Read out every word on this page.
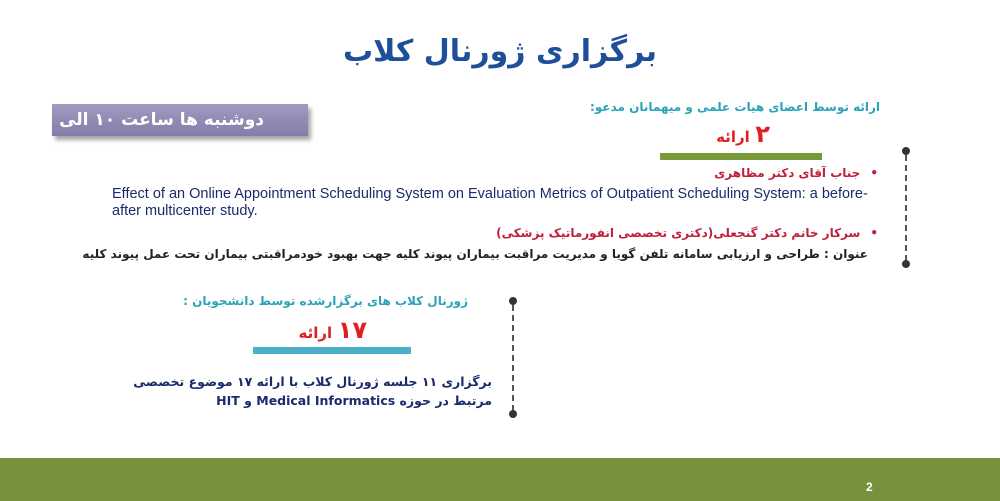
برگزاری ژورنال کلاب
دوشنبه ها ساعت ۱۰ الی ۱۲
ارائه توسط اعضای هیات علمی و میهمانان مدعو:
۲ ارائه
•جناب آقای دکتر مظاهری
Effect of an Online Appointment Scheduling System on Evaluation Metrics of Outpatient Scheduling System: a before-after multicenter study.
•سرکار خانم دکتر گنجعلی(دکتری تخصصی انفورماتیک پزشکی)
عنوان : طراحی و ارزیابی سامانه تلفن گویا و مدیریت مراقبت بیماران پیوند کلیه جهت بهبود خودمراقبتی بیماران تحت عمل پیوند کلیه
ژورنال کلاب های برگزارشده توسط دانشجویان :
۱۷ ارائه
برگزاری ۱۱ جلسه ژورنال کلاب با ارائه ۱۷ موضوع تخصصی
مرتبط در حوزه Medical Informatics و HIT
2
